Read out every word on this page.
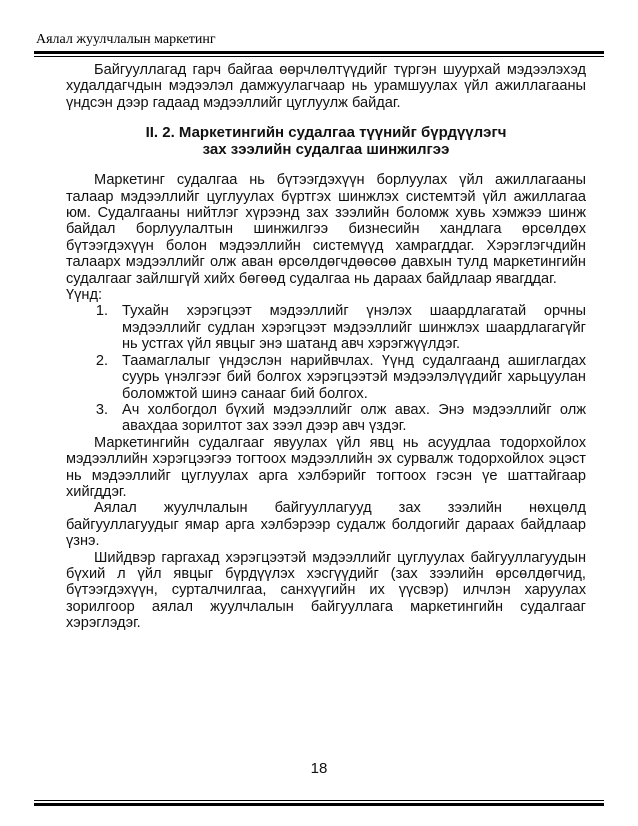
Аялал жуулчлалын маркетинг

Байгууллагад гарч байгаа өөрчлөлтүүдийг түргэн шуурхай мэдээлэхэд худалдагчдын мэдээлэл дамжуулагчаар нь урамшуулах үйл ажиллагааны үндсэн дээр гадаад мэдээллийг цуглуулж байдаг.

II. 2. Маркетингийн судалгаа түүнийг бүрдүүлэгч
зах зээлийн судалгаа шинжилгээ

Маркетинг судалгаа нь бүтээгдэхүүн борлуулах үйл ажиллагааны талаар мэдээллийг цуглуулах бүртгэх шинжлэх системтэй үйл ажиллагаа юм. Судалгааны нийтлэг хүрээнд зах зээлийн боломж хувь хэмжээ шинж байдал борлуулалтын шинжилгээ бизнесийн хандлага өрсөлдөх бүтээгдэхүүн болон мэдээллийн системүүд хамрагддаг. Хэрэглэгчдийн талаарх мэдээллийг олж аван өрсөлдөгчдөөсөө давхын тулд маркетингийн судалгааг зайлшгүй хийх бөгөөд судалгаа нь дараах байдлаар явагддаг.

Үүнд:

1. Тухайн хэрэгцээт мэдээллийг үнэлэх шаардлагатай орчны мэдээллийг судлан хэрэгцээт мэдээллийг шинжлэх шаардлагагүйг нь устгах үйл явцыг энэ шатанд авч хэрэгжүүлдэг.
2. Таамаглалыг үндэслэн нарийвчлах. Үүнд судалгаанд ашиглагдах суурь үнэлгээг бий болгох хэрэгцээтэй мэдээлэлүүдийг харьцуулан боломжтой шинэ санааг бий болгох.
3. Ач холбогдол бүхий мэдээллийг олж авах. Энэ мэдээллийг олж авахдаа зорилтот зах зээл дээр авч үздэг.

Маркетингийн судалгааг явуулах үйл явц нь асуудлаа тодорхойлох мэдээллийн хэрэгцээгээ тогтоох мэдээллийн эх сурвалж тодорхойлох эцэст нь мэдээллийг цуглуулах арга хэлбэрийг тогтоох гэсэн үе шаттайгаар хийгддэг.

Аялал жуулчлалын байгууллагууд зах зээлийн нөхцөлд байгууллагуудыг ямар арга хэлбэрээр судалж болдогийг дараах байдлаар үзнэ.

Шийдвэр гаргахад хэрэгцээтэй мэдээллийг цуглуулах байгууллагуудын бүхий л үйл явцыг бүрдүүлэх хэсгүүдийг (зах зээлийн өрсөлдөгчид, бүтээгдэхүүн, сурталчилгаа, санхүүгийн их үүсвэр) илчлэн харуулах зорилгоор аялал жуулчлалын байгууллага маркетингийн судалгааг хэрэглэдэг.

18
